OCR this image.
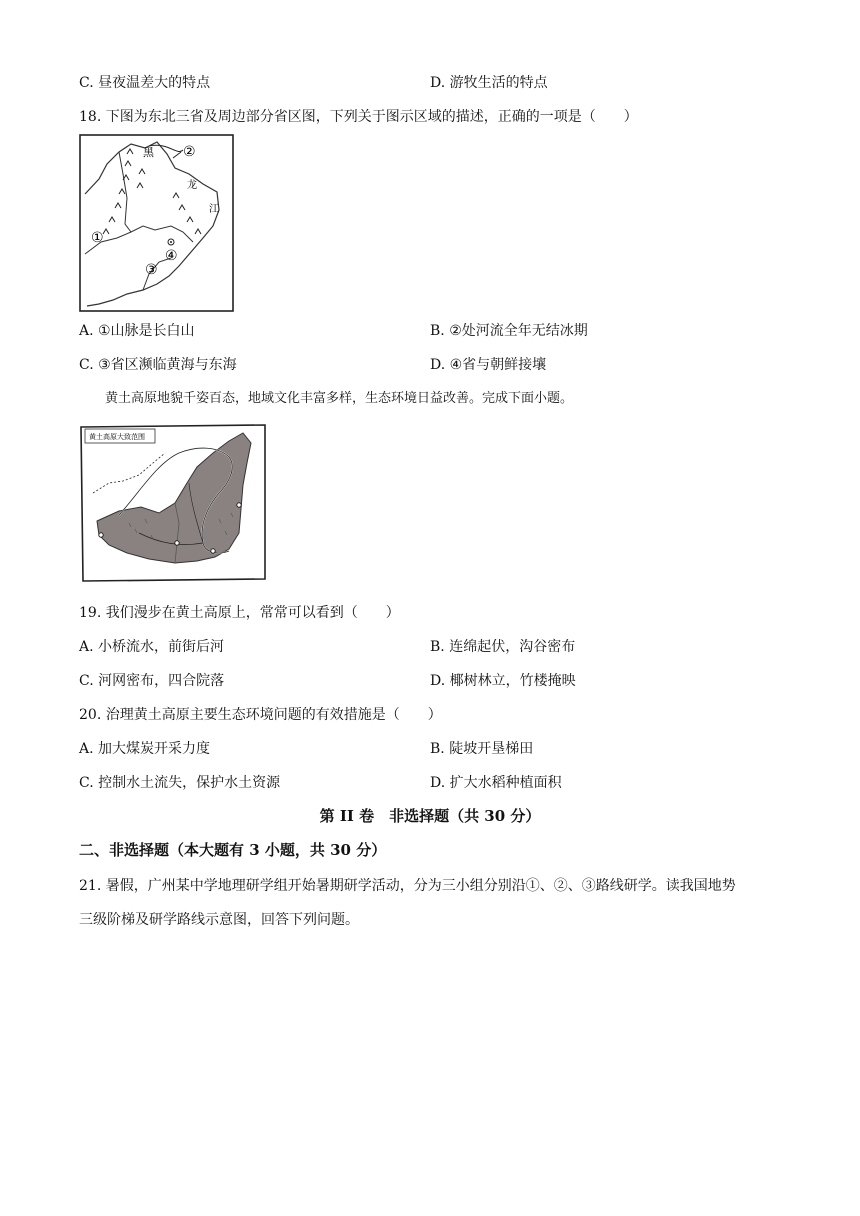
C. 昼夜温差大的特点	D. 游牧生活的特点
18. 下图为东北三省及周边部分省区图，下列关于图示区域的描述，正确的一项是（　　）
黑
龙
江
②
①
③
④
A. ①山脉是长白山	B. ②处河流全年无结冰期
C. ③省区濒临黄海与东海	D. ④省与朝鲜接壤
黄土高原地貌千姿百态，地域文化丰富多样，生态环境日益改善。完成下面小题。
黄土高原大致范围
19. 我们漫步在黄土高原上，常常可以看到（　　）
A. 小桥流水，前街后河	B. 连绵起伏，沟谷密布
C. 河网密布，四合院落	D. 椰树林立，竹楼掩映
20. 治理黄土高原主要生态环境问题的有效措施是（　　）
A. 加大煤炭开采力度	B. 陡坡开垦梯田
C. 控制水土流失，保护水土资源	D. 扩大水稻种植面积
第 II 卷　非选择题（共 30 分）
二、非选择题（本大题有 3 小题，共 30 分）
21. 暑假，广州某中学地理研学组开始暑期研学活动，分为三小组分别沿①、②、③路线研学。读我国地势
三级阶梯及研学路线示意图，回答下列问题。
